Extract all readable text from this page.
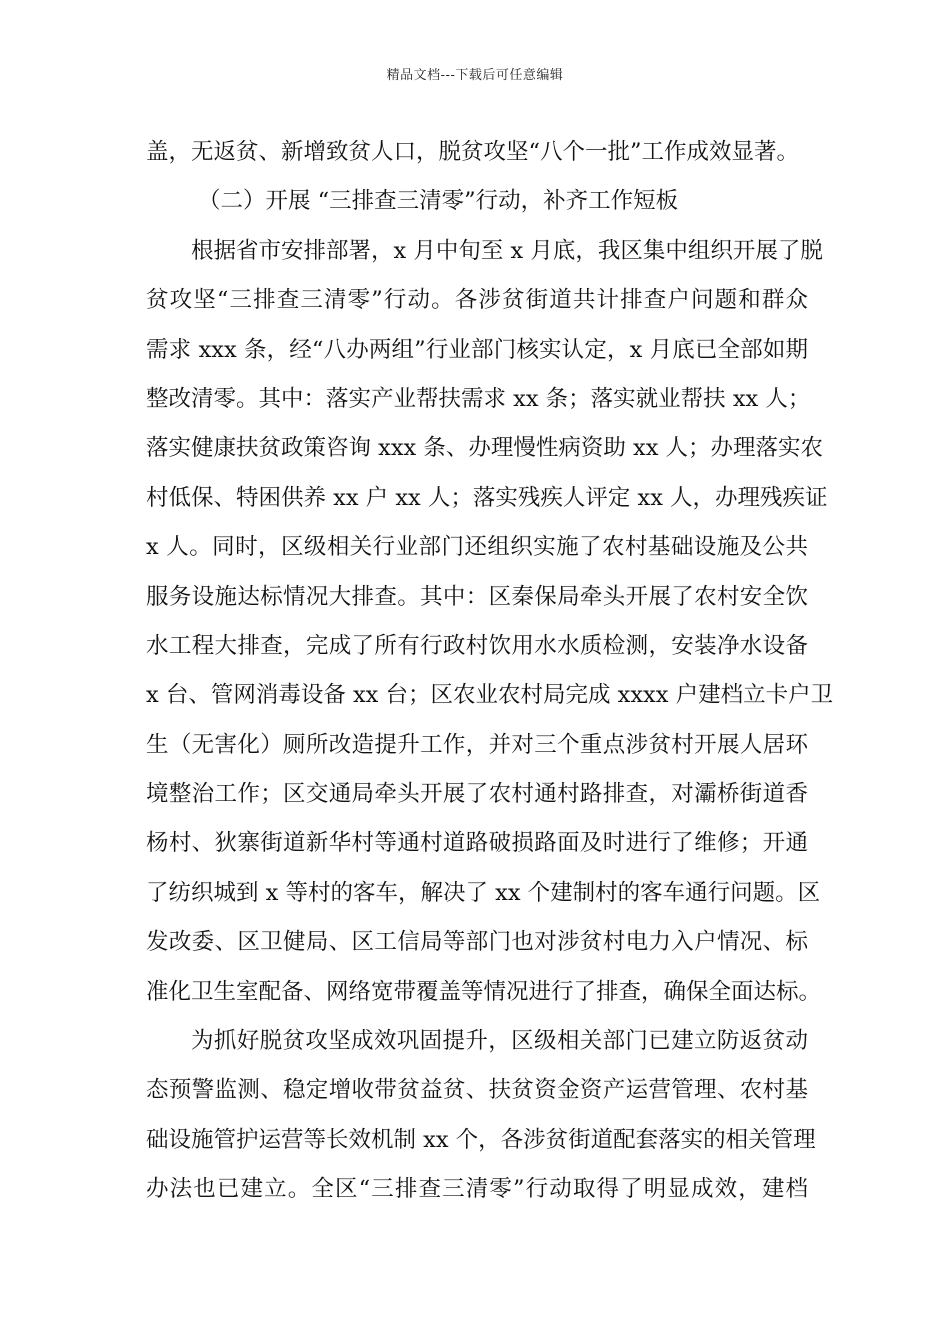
精品文档---下载后可任意编辑
盖，无返贫、新增致贫人口，脱贫攻坚“八个一批”工作成效显著。
（二）开展 “三排查三清零”行动，补齐工作短板
根据省市安排部署，x 月中旬至 x 月底，我区集中组织开展了脱
贫攻坚“三排查三清零”行动。各涉贫街道共计排查户问题和群众
需求 xxx 条，经“八办两组”行业部门核实认定，x 月底已全部如期
整改清零。其中：落实产业帮扶需求 xx 条；落实就业帮扶 xx 人；
落实健康扶贫政策咨询 xxx 条、办理慢性病资助 xx 人；办理落实农
村低保、特困供养 xx 户 xx 人；落实残疾人评定 xx 人，办理残疾证
x 人。同时，区级相关行业部门还组织实施了农村基础设施及公共
服务设施达标情况大排查。其中：区秦保局牵头开展了农村安全饮
水工程大排查，完成了所有行政村饮用水水质检测，安装净水设备
x 台、管网消毒设备 xx 台；区农业农村局完成 xxxx 户建档立卡户卫
生（无害化）厕所改造提升工作，并对三个重点涉贫村开展人居环
境整治工作；区交通局牵头开展了农村通村路排查，对灞桥街道香
杨村、狄寨街道新华村等通村道路破损路面及时进行了维修；开通
了纺织城到 x 等村的客车，解决了 xx 个建制村的客车通行问题。区
发改委、区卫健局、区工信局等部门也对涉贫村电力入户情况、标
准化卫生室配备、网络宽带覆盖等情况进行了排查，确保全面达标。
为抓好脱贫攻坚成效巩固提升，区级相关部门已建立防返贫动
态预警监测、稳定增收带贫益贫、扶贫资金资产运营管理、农村基
础设施管护运营等长效机制 xx 个，各涉贫街道配套落实的相关管理
办法也已建立。全区“三排查三清零”行动取得了明显成效，建档
